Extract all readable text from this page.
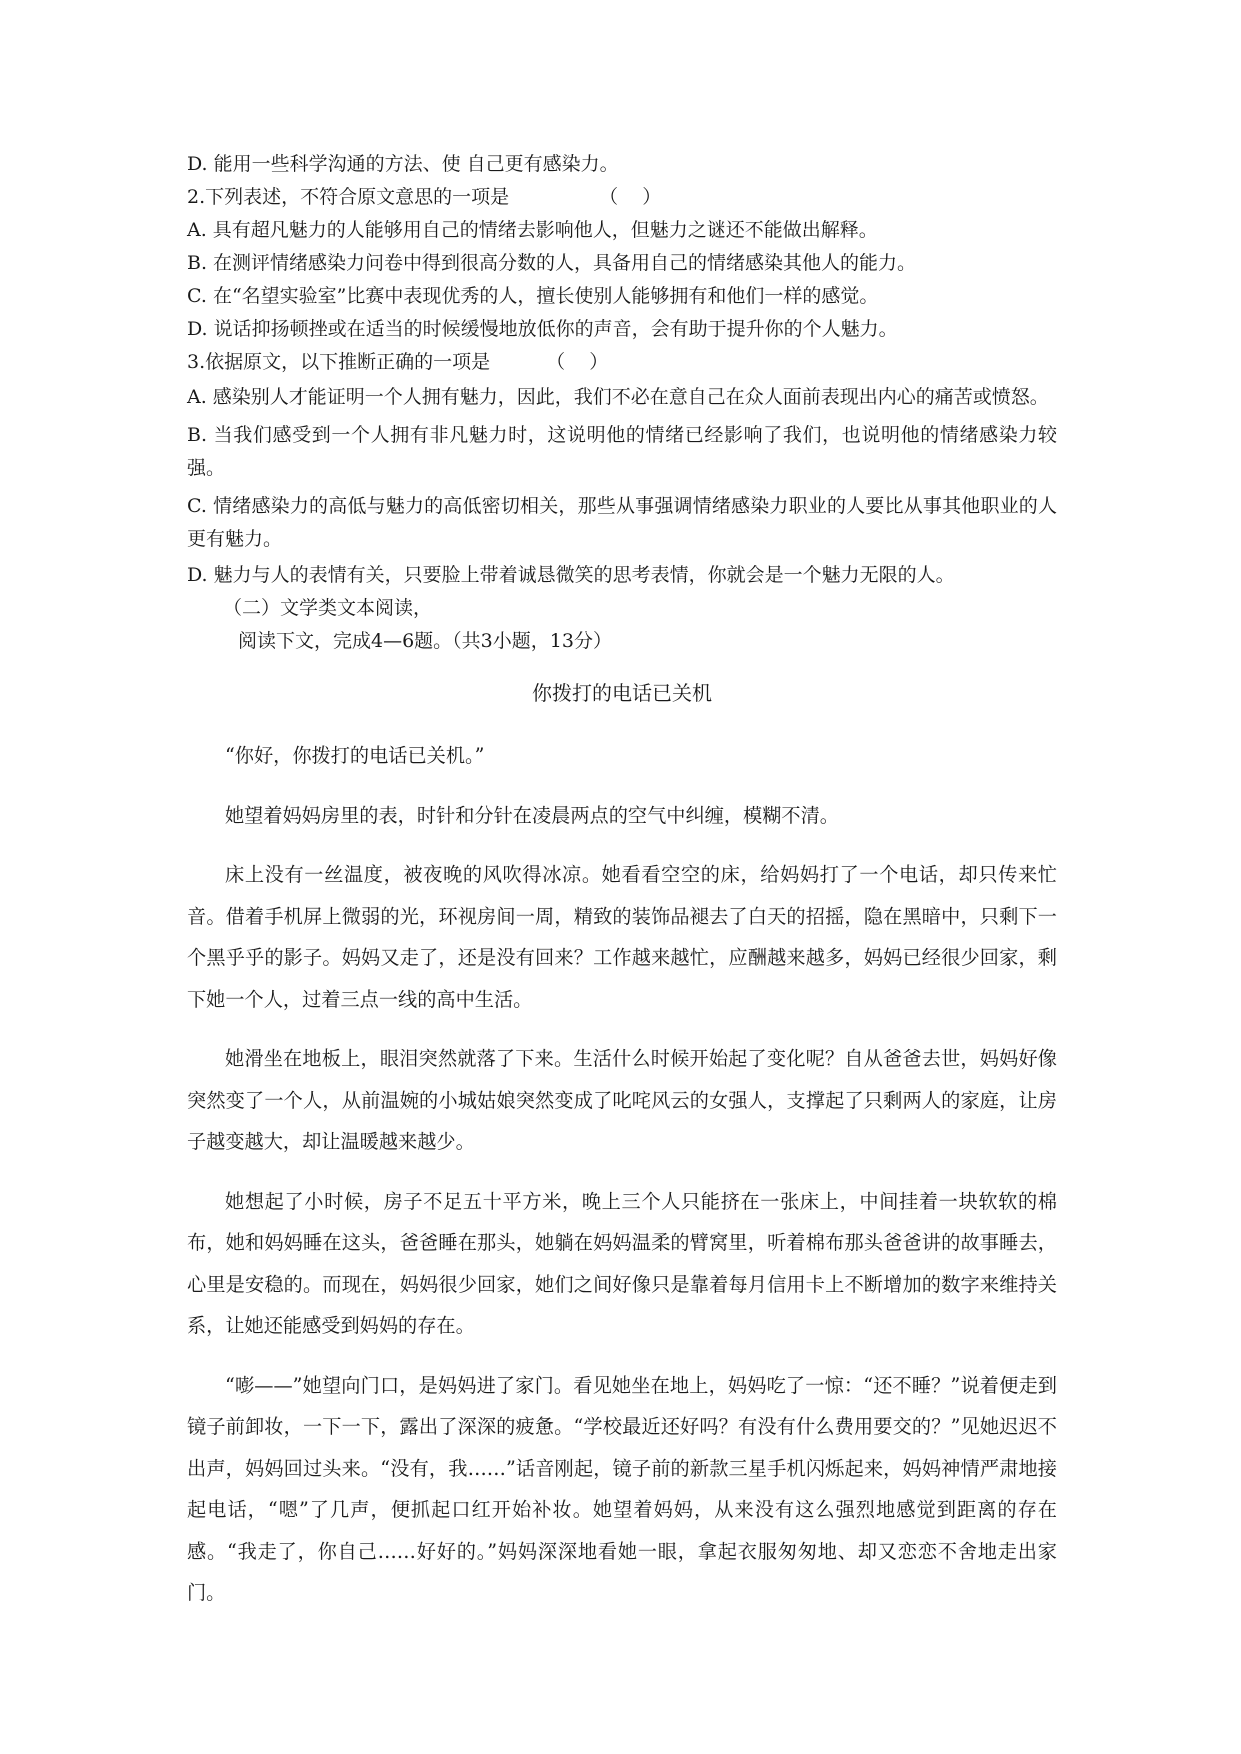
D. 能用一些科学沟通的方法、使 自己更有感染力。
2.下列表述，不符合原文意思的一项是	（    ）
A. 具有超凡魅力的人能够用自己的情绪去影响他人，但魅力之谜还不能做出解释。
B. 在测评情绪感染力问卷中得到很高分数的人，具备用自己的情绪感染其他人的能力。
C. 在“名望实验室”比赛中表现优秀的人，擅长使别人能够拥有和他们一样的感觉。
D. 说话抑扬顿挫或在适当的时候缓慢地放低你的声音，会有助于提升你的个人魅力。
3.依据原文，以下推断正确的一项是	（    ）
A. 感染别人才能证明一个人拥有魅力，因此，我们不必在意自己在众人面前表现出内心的痛苦或愤怒。
B. 当我们感受到一个人拥有非凡魅力时，这说明他的情绪已经影响了我们，也说明他的情绪感染力较强。
C. 情绪感染力的高低与魅力的高低密切相关，那些从事强调情绪感染力职业的人要比从事其他职业的人更有魅力。
D. 魅力与人的表情有关，只要脸上带着诚恳微笑的思考表情，你就会是一个魅力无限的人。
（二）文学类文本阅读，
阅读下文，完成4—6题。（共3小题，13分）
你拨打的电话已关机

“你好，你拨打的电话已关机。”

她望着妈妈房里的表，时针和分针在凌晨两点的空气中纠缠，模糊不清。

床上没有一丝温度，被夜晚的风吹得冰凉。她看看空空的床，给妈妈打了一个电话，却只传来忙音。借着手机屏上微弱的光，环视房间一周，精致的装饰品褪去了白天的招摇，隐在黑暗中，只剩下一个黑乎乎的影子。妈妈又走了，还是没有回来？工作越来越忙，应酬越来越多，妈妈已经很少回家，剩下她一个人，过着三点一线的高中生活。

她滑坐在地板上，眼泪突然就落了下来。生活什么时候开始起了变化呢？自从爸爸去世，妈妈好像突然变了一个人，从前温婉的小城姑娘突然变成了叱咤风云的女强人，支撑起了只剩两人的家庭，让房子越变越大，却让温暖越来越少。

她想起了小时候，房子不足五十平方米，晚上三个人只能挤在一张床上，中间挂着一块软软的棉布，她和妈妈睡在这头，爸爸睡在那头，她躺在妈妈温柔的臂窝里，听着棉布那头爸爸讲的故事睡去，心里是安稳的。而现在，妈妈很少回家，她们之间好像只是靠着每月信用卡上不断增加的数字来维持关系，让她还能感受到妈妈的存在。

“嘭——”她望向门口，是妈妈进了家门。看见她坐在地上，妈妈吃了一惊：“还不睡？”说着便走到镜子前卸妆，一下一下，露出了深深的疲惫。“学校最近还好吗？有没有什么费用要交的？”见她迟迟不出声，妈妈回过头来。“没有，我……”话音刚起，镜子前的新款三星手机闪烁起来，妈妈神情严肃地接起电话，“嗯”了几声，便抓起口红开始补妆。她望着妈妈，从来没有这么强烈地感觉到距离的存在感。“我走了，你自己……好好的。”妈妈深深地看她一眼，拿起衣服匆匆地、却又恋恋不舍地走出家门。
